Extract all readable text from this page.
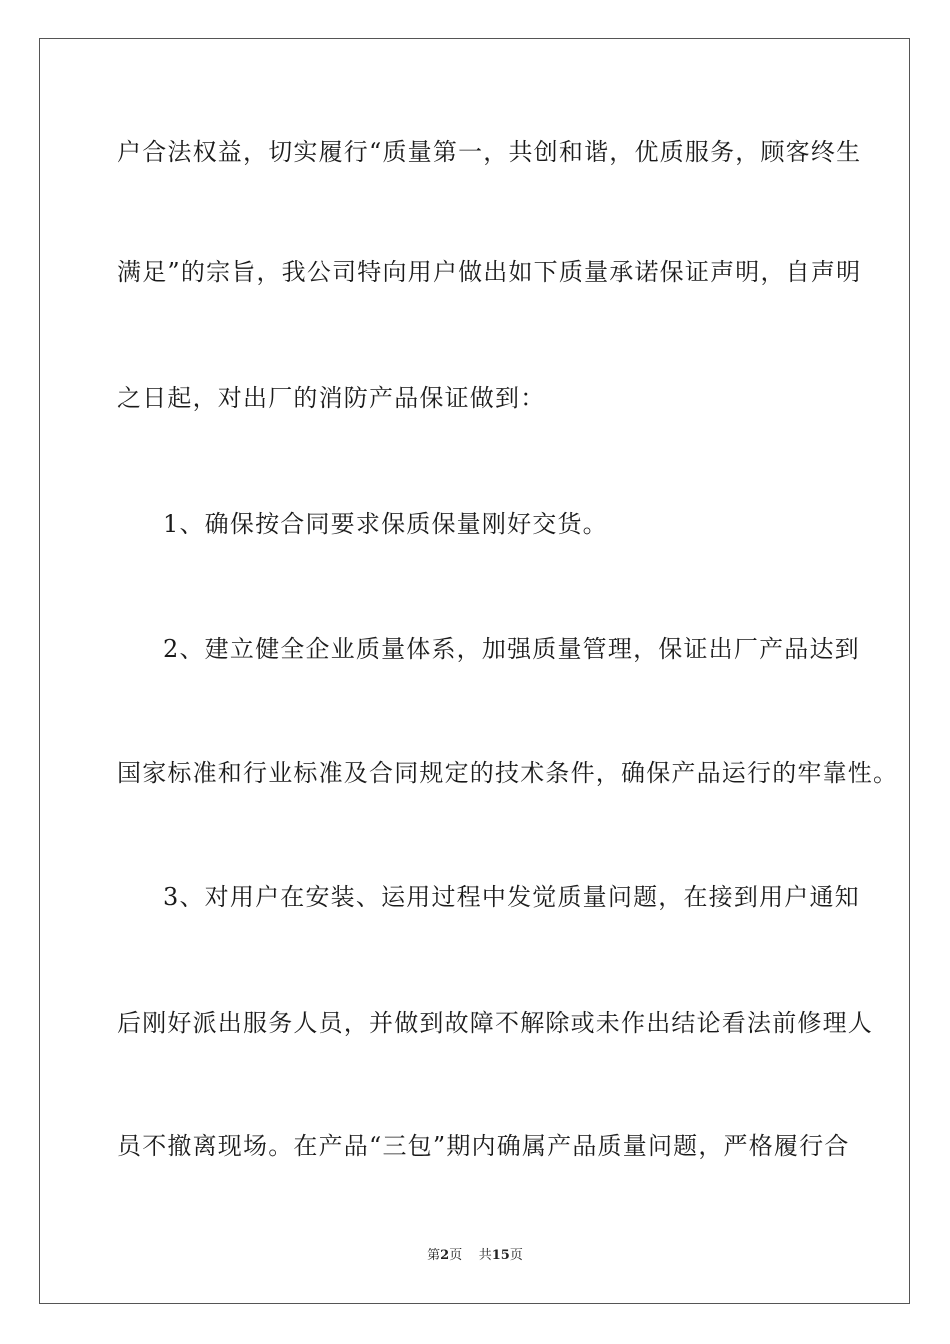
户合法权益，切实履行“质量第一，共创和谐，优质服务，顾客终生
满足”的宗旨，我公司特向用户做出如下质量承诺保证声明，自声明
之日起，对出厂的消防产品保证做到：
1、确保按合同要求保质保量刚好交货。
2、建立健全企业质量体系，加强质量管理，保证出厂产品达到
国家标准和行业标准及合同规定的技术条件，确保产品运行的牢靠性。
3、对用户在安装、运用过程中发觉质量问题，在接到用户通知
后刚好派出服务人员，并做到故障不解除或未作出结论看法前修理人
员不撤离现场。在产品“三包”期内确属产品质量问题，严格履行合
第2页 共15页
